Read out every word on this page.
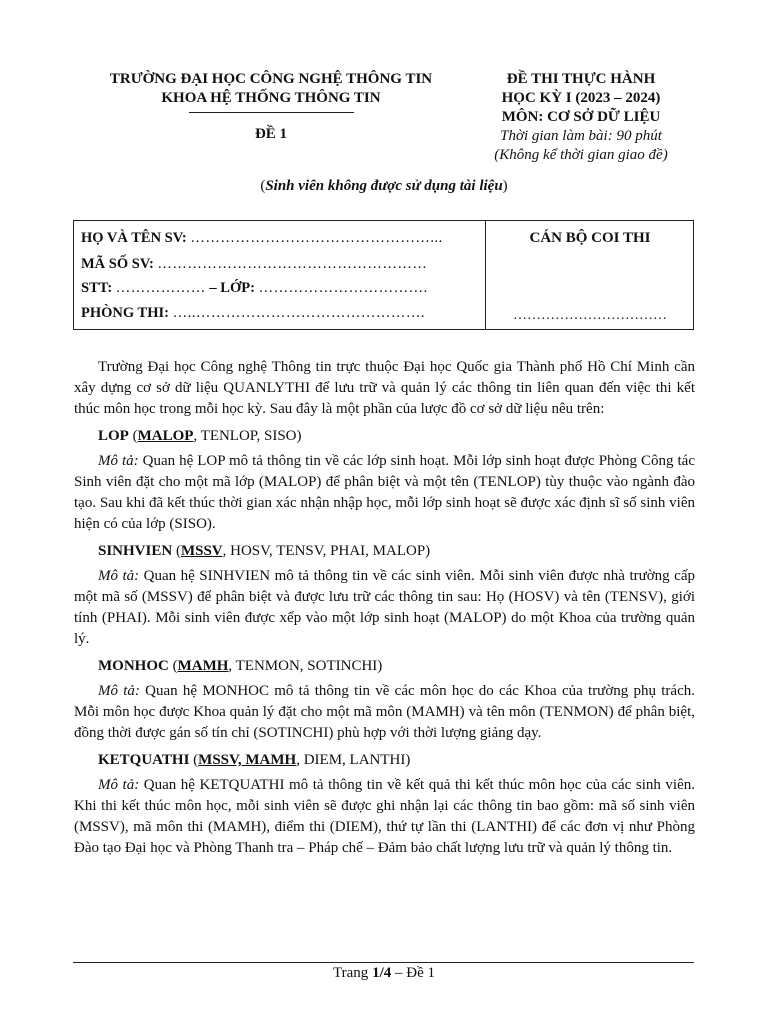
TRƯỜNG ĐẠI HỌC CÔNG NGHỆ THÔNG TIN
KHOA HỆ THỐNG THÔNG TIN
ĐỀ 1
ĐỀ THI THỰC HÀNH
HỌC KỲ I (2023 – 2024)
MÔN: CƠ SỞ DỮ LIỆU
Thời gian làm bài: 90 phút
(Không kể thời gian giao đề)
(Sinh viên không được sử dụng tài liệu)
HỌ VÀ TÊN SV: …………………………………………...
MÃ SỐ SV: ………………………………………………
STT: ……………… – LỚP: …………………………….
PHÒNG THI: …..……………………………………….
CÁN BỘ COI THI
……………………………

Trường Đại học Công nghệ Thông tin trực thuộc Đại học Quốc gia Thành phố Hồ Chí Minh cần xây dựng cơ sở dữ liệu QUANLYTHI để lưu trữ và quản lý các thông tin liên quan đến việc thi kết thúc môn học trong mỗi học kỳ. Sau đây là một phần của lược đồ cơ sở dữ liệu nêu trên:

LOP (MALOP, TENLOP, SISO)

Mô tả: Quan hệ LOP mô tả thông tin về các lớp sinh hoạt. Mỗi lớp sinh hoạt được Phòng Công tác Sinh viên đặt cho một mã lớp (MALOP) để phân biệt và một tên (TENLOP) tùy thuộc vào ngành đào tạo. Sau khi đã kết thúc thời gian xác nhận nhập học, mỗi lớp sinh hoạt sẽ được xác định sĩ số sinh viên hiện có của lớp (SISO).

SINHVIEN (MSSV, HOSV, TENSV, PHAI, MALOP)

Mô tả: Quan hệ SINHVIEN mô tả thông tin về các sinh viên. Mỗi sinh viên được nhà trường cấp một mã số (MSSV) để phân biệt và được lưu trữ các thông tin sau: Họ (HOSV) và tên (TENSV), giới tính (PHAI). Mỗi sinh viên được xếp vào một lớp sinh hoạt (MALOP) do một Khoa của trường quản lý.

MONHOC (MAMH, TENMON, SOTINCHI)

Mô tả: Quan hệ MONHOC mô tả thông tin về các môn học do các Khoa của trường phụ trách. Mỗi môn học được Khoa quản lý đặt cho một mã môn (MAMH) và tên môn (TENMON) để phân biệt, đồng thời được gán số tín chỉ (SOTINCHI) phù hợp với thời lượng giảng dạy.

KETQUATHI (MSSV, MAMH, DIEM, LANTHI)

Mô tả: Quan hệ KETQUATHI mô tả thông tin về kết quả thi kết thúc môn học của các sinh viên. Khi thi kết thúc môn học, mỗi sinh viên sẽ được ghi nhận lại các thông tin bao gồm: mã số sinh viên (MSSV), mã môn thi (MAMH), điểm thi (DIEM), thứ tự lần thi (LANTHI) để các đơn vị như Phòng Đào tạo Đại học và Phòng Thanh tra – Pháp chế – Đảm bảo chất lượng lưu trữ và quản lý thông tin.

Trang 1/4 – Đề 1
